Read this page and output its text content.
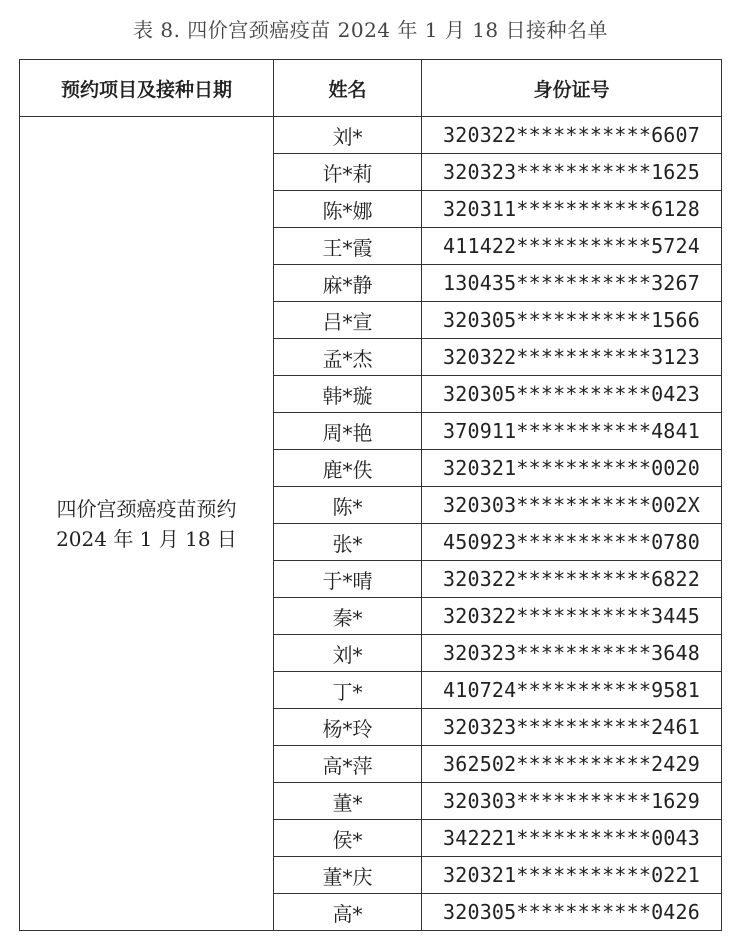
表 8. 四价宫颈癌疫苗 2024 年 1 月 18 日接种名单
预约项目及接种日期	姓名	身份证号

四价宫颈癌疫苗预约
2024 年 1 月 18 日	刘*	320322***********6607
	许*莉	320323***********1625
	陈*娜	320311***********6128
	王*霞	411422***********5724
	麻*静	130435***********3267
	吕*宣	320305***********1566
	孟*杰	320322***********3123
	韩*璇	320305***********0423
	周*艳	370911***********4841
	鹿*佚	320321***********0020
	陈*	320303***********002X
	张*	450923***********0780
	于*晴	320322***********6822
	秦*	320322***********3445
	刘*	320323***********3648
	丁*	410724***********9581
	杨*玲	320323***********2461
	高*萍	362502***********2429
	董*	320303***********1629
	侯*	342221***********0043
	董*庆	320321***********0221
	高*	320305***********0426
